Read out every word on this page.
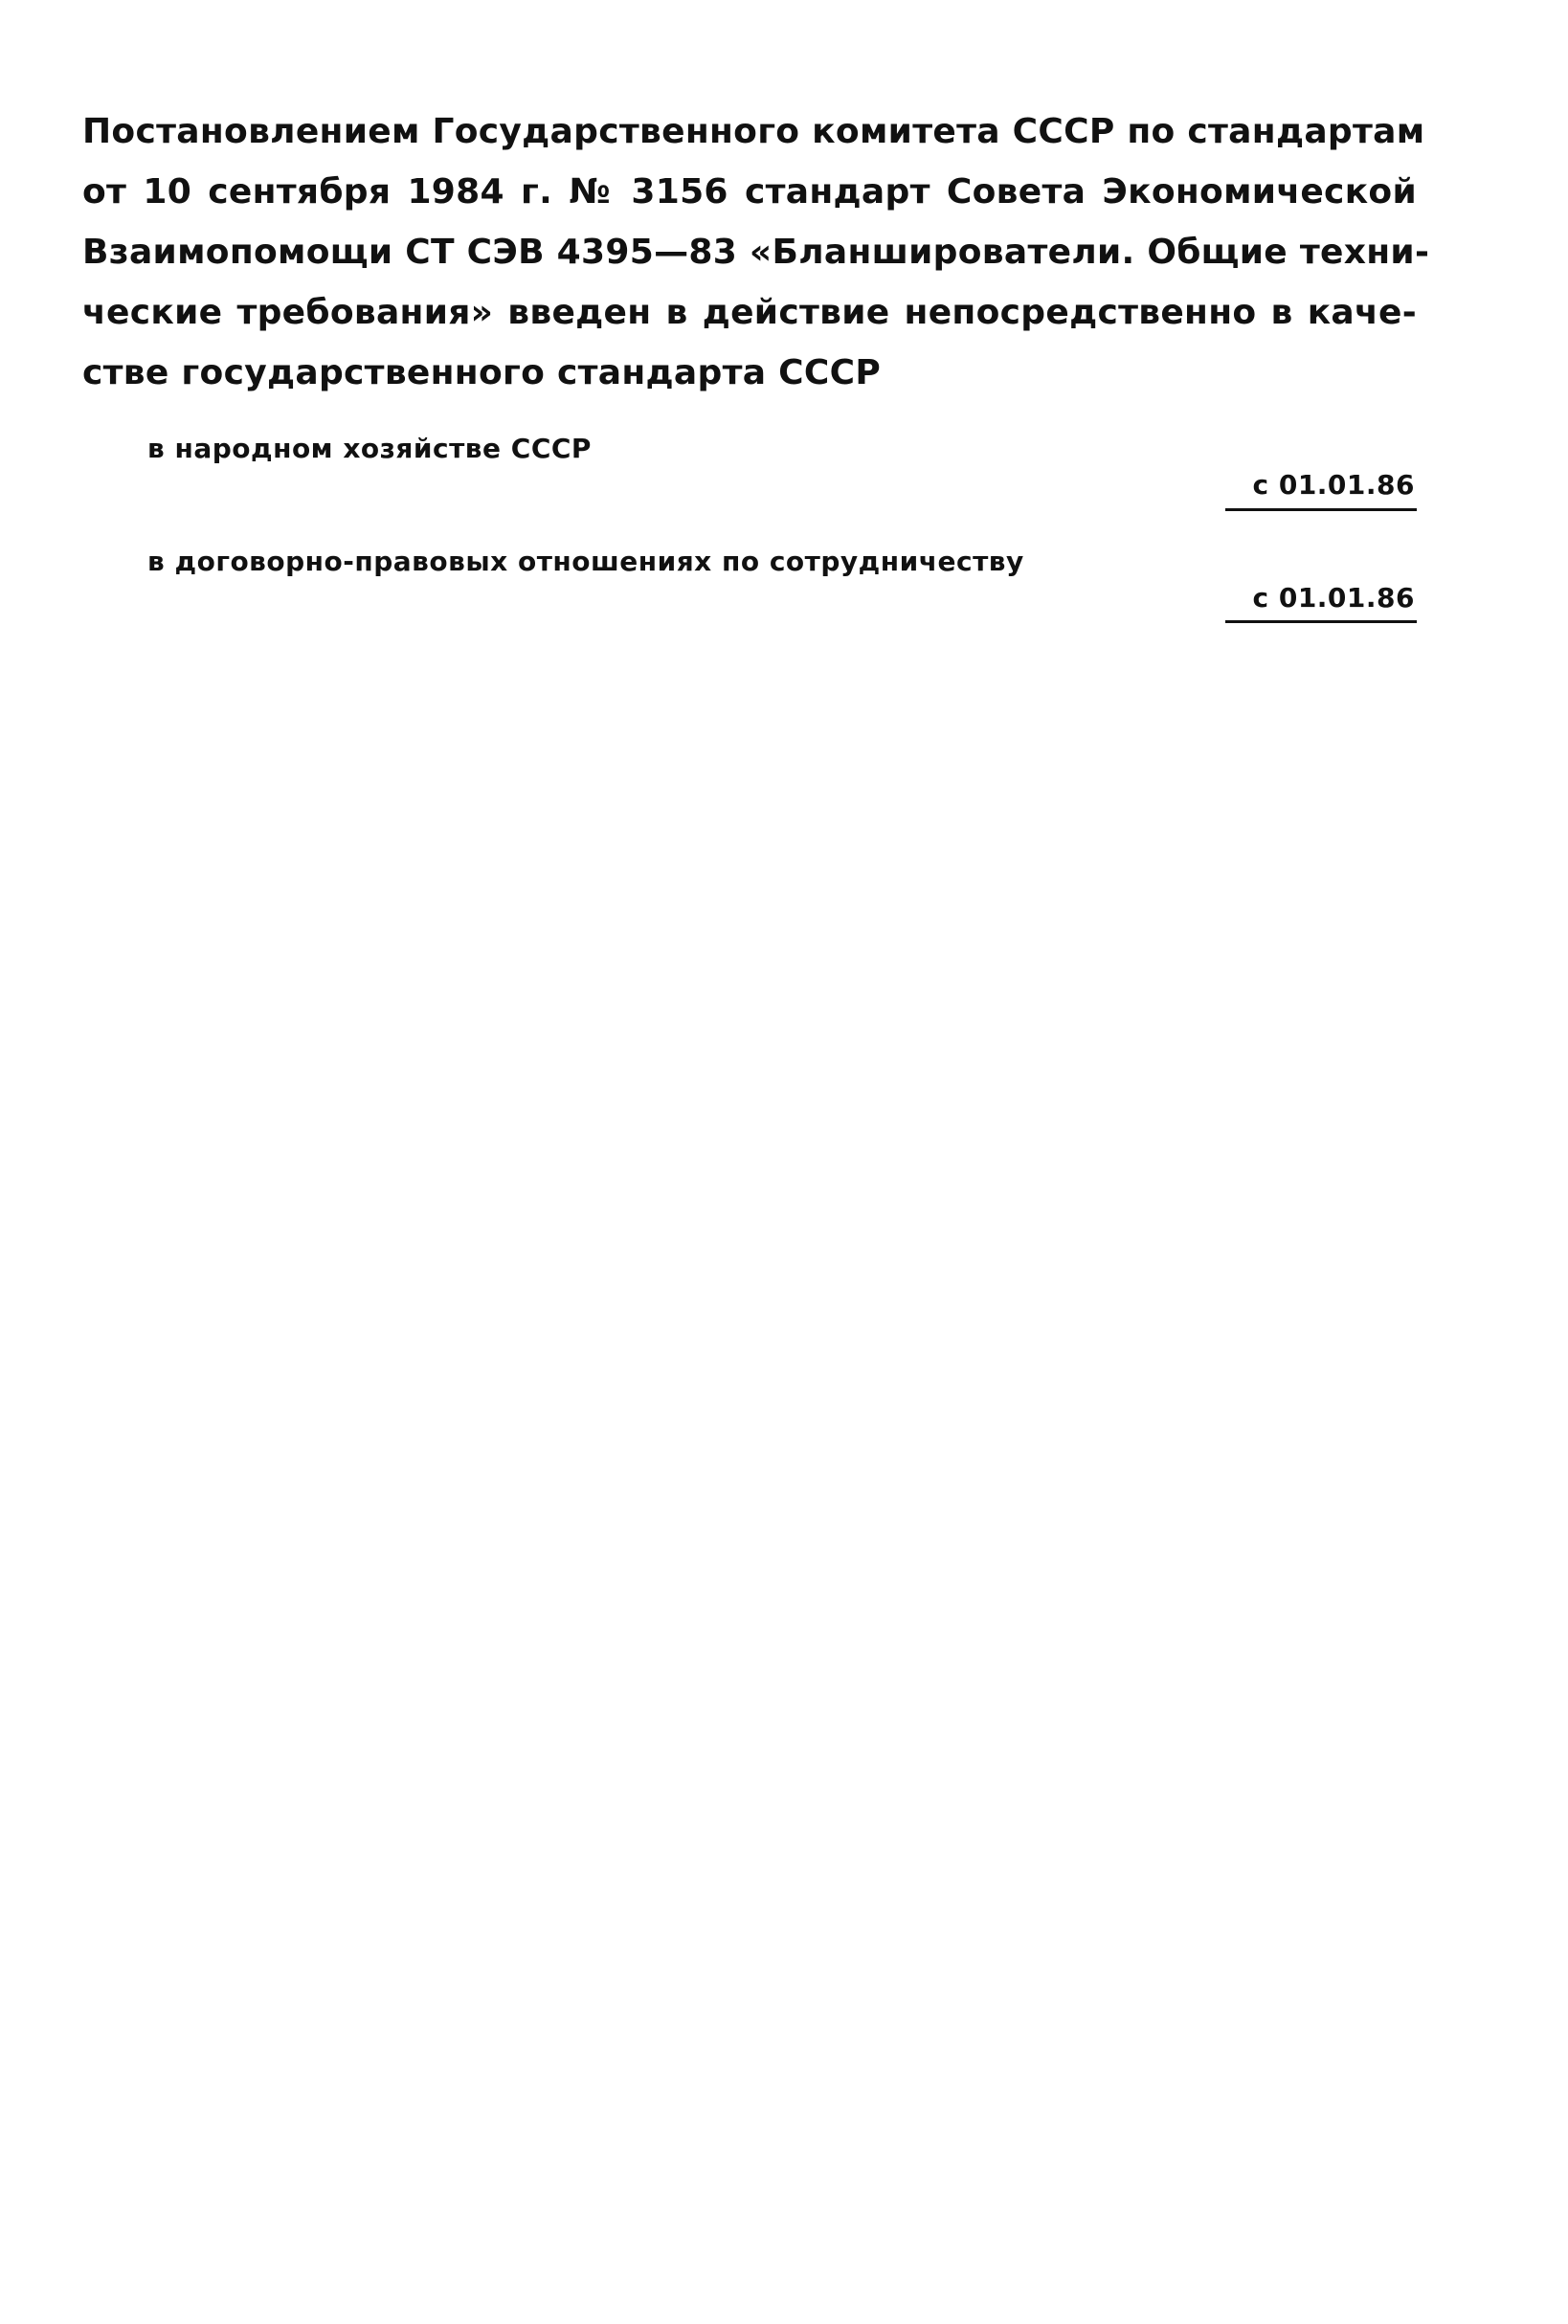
Постановлением Государственного комитета СССР по стандартам
от 10 сентября 1984 г. № 3156 стандарт Совета Экономической
Взаимопомощи СТ СЭВ 4395—83 «Бланширователи. Общие техни-
ческие требования» введен в действие непосредственно в каче-
стве государственного стандарта СССР
в народном хозяйстве СССР
с 01.01.86
в договорно-правовых отношениях по сотрудничеству
с 01.01.86
